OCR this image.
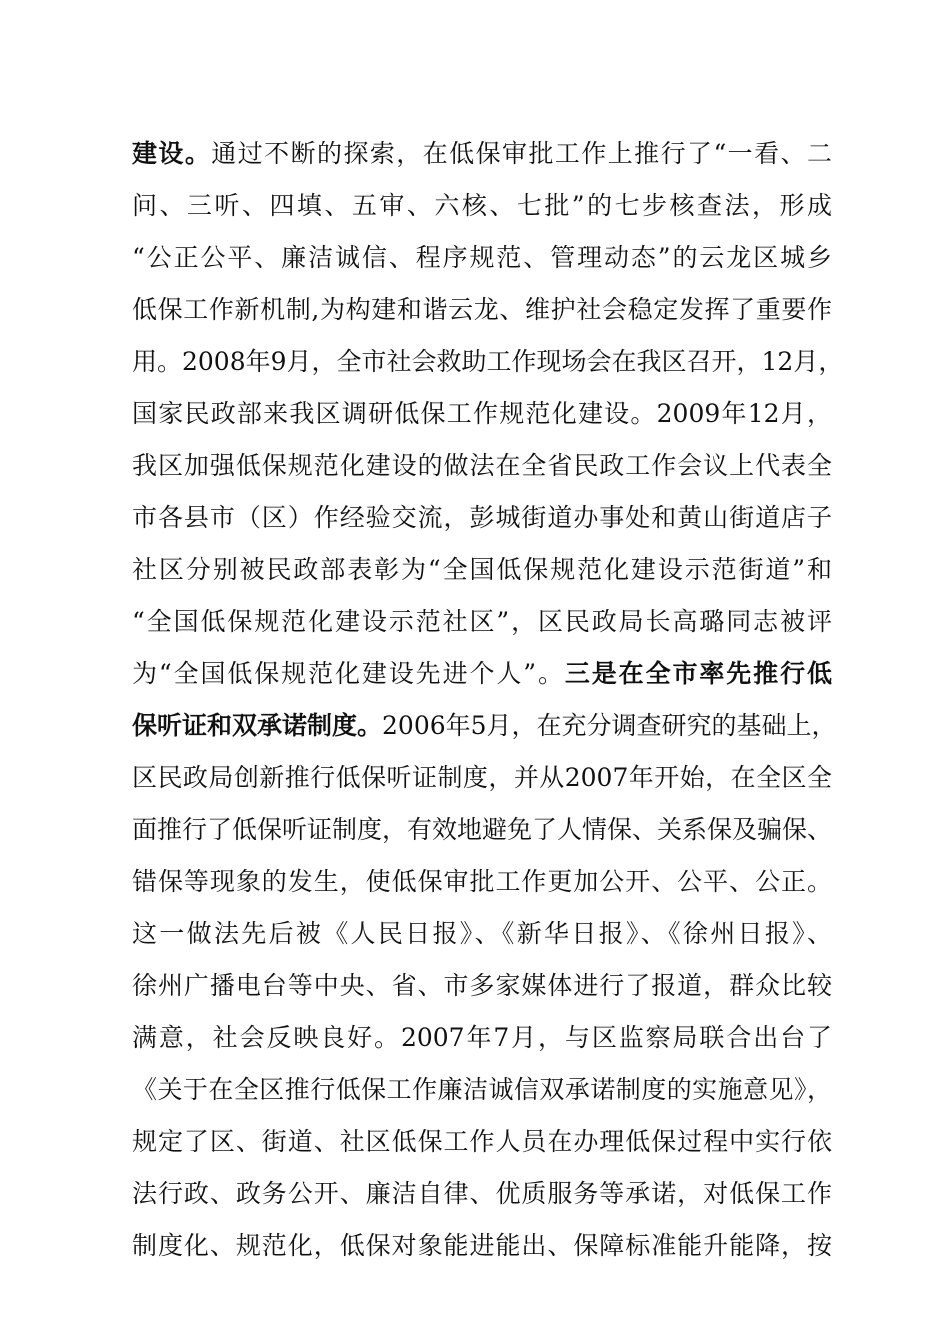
建设。通过不断的探索，在低保审批工作上推行了“一看、二
问、三听、四填、五审、六核、七批”的七步核查法，形成
“公正公平、廉洁诚信、程序规范、管理动态”的云龙区城乡
低保工作新机制,为构建和谐云龙、维护社会稳定发挥了重要作
用。2008年9月，全市社会救助工作现场会在我区召开，12月，
国家民政部来我区调研低保工作规范化建设。2009年12月，
我区加强低保规范化建设的做法在全省民政工作会议上代表全
市各县市（区）作经验交流，彭城街道办事处和黄山街道店子
社区分别被民政部表彰为“全国低保规范化建设示范街道”和
“全国低保规范化建设示范社区”，区民政局长高璐同志被评
为“全国低保规范化建设先进个人”。三是在全市率先推行低
保听证和双承诺制度。2006年5月，在充分调查研究的基础上，
区民政局创新推行低保听证制度，并从2007年开始，在全区全
面推行了低保听证制度，有效地避免了人情保、关系保及骗保、
错保等现象的发生，使低保审批工作更加公开、公平、公正。
这一做法先后被《人民日报》、《新华日报》、《徐州日报》、
徐州广播电台等中央、省、市多家媒体进行了报道，群众比较
满意，社会反映良好。2007年7月，与区监察局联合出台了
《关于在全区推行低保工作廉洁诚信双承诺制度的实施意见》，
规定了区、街道、社区低保工作人员在办理低保过程中实行依
法行政、政务公开、廉洁自律、优质服务等承诺，对低保工作
制度化、规范化，低保对象能进能出、保障标准能升能降，按
